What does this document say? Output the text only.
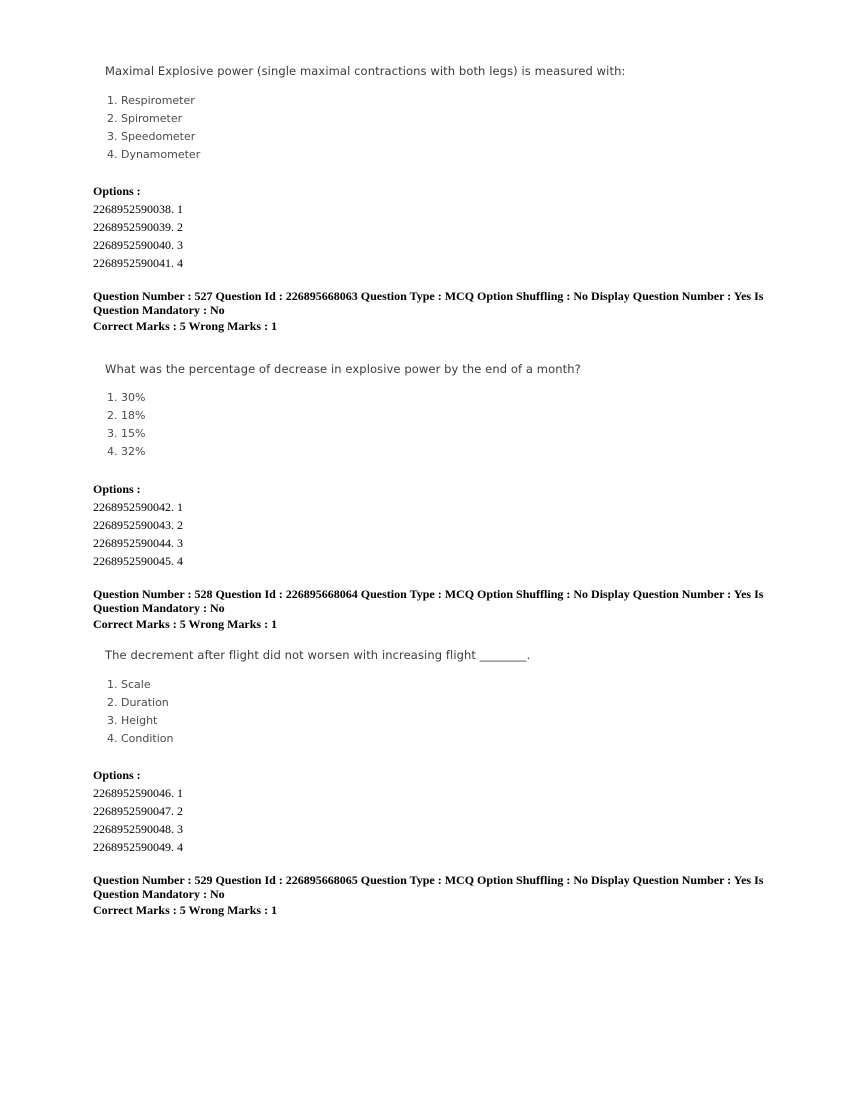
Maximal Explosive power (single maximal contractions with both legs) is measured with:
1. Respirometer
2. Spirometer
3. Speedometer
4. Dynamometer
Options :
2268952590038. 1
2268952590039. 2
2268952590040. 3
2268952590041. 4
Question Number : 527 Question Id : 226895668063 Question Type : MCQ Option Shuffling : No Display Question Number : Yes Is Question Mandatory : No
Correct Marks : 5 Wrong Marks : 1
What was the percentage of decrease in explosive power by the end of a month?
1. 30%
2. 18%
3. 15%
4. 32%
Options :
2268952590042. 1
2268952590043. 2
2268952590044. 3
2268952590045. 4
Question Number : 528 Question Id : 226895668064 Question Type : MCQ Option Shuffling : No Display Question Number : Yes Is Question Mandatory : No
Correct Marks : 5 Wrong Marks : 1
The decrement after flight did not worsen with increasing flight ________.
1. Scale
2. Duration
3. Height
4. Condition
Options :
2268952590046. 1
2268952590047. 2
2268952590048. 3
2268952590049. 4
Question Number : 529 Question Id : 226895668065 Question Type : MCQ Option Shuffling : No Display Question Number : Yes Is Question Mandatory : No
Correct Marks : 5 Wrong Marks : 1
